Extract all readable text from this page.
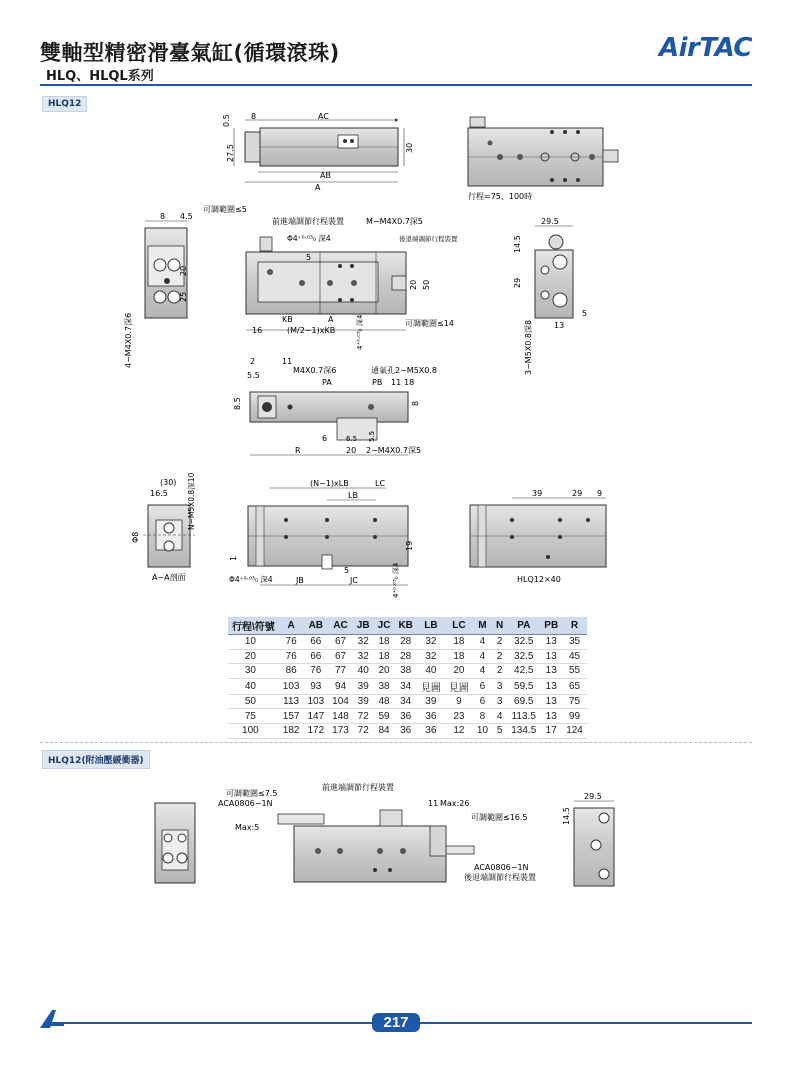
雙軸型精密滑臺氣缸(循環滾珠)
HLQ、HLQL系列
AirTAC
HLQ12
HLQ12(附油壓緩衝器)
0.5	8	AC
27.5	30
AB
A
行程=75、100時
8 4.5
20
25
4−M4X0.7深6
可調範圍≤5
前進端調節行程裝置	M−M4X0.7深5
後退端調節行程裝置
Φ4⁺⁰·⁰³₀ 深4
5
20 50
KB	A
16	(M/2−1)xKB	4⁺⁰·⁰³₀ 深4	可調範圍≤14
29.5
14.5
29
5
13
3−M5X0.8深8
2	11
5.5
M4X0.7深6	通氣孔2−M5X0.8
PA	PB 11 18
8.5	8
6	6.5 5.5
R	20 2−M4X0.7深5
(30)
16.5	N−M5X0.8深10
Φ8
A−A剖面
(N−1)xLB
LB
LC
1
Φ4⁺⁰·⁰³₀ 深4	JB
5
JC
19
4⁺⁰·⁰³₀ 深4
39	29 9
HLQ12×40
可調範圍≤7.5
前進端調節行程裝置
ACA0806−1N
Max:5
11 Max:26
可調範圍≤16.5
ACA0806−1N
後退端調節行程裝置
29.5
14.5
行程\符號	A	AB	AC	JB	JC	KB	LB	LC	M	N	PA	PB	R
10	76	66	67	32	18	28	32	18	4	2	32.5	13	35
20	76	66	67	32	18	28	32	18	4	2	32.5	13	45
30	86	76	77	40	20	38	40	20	4	2	42.5	13	55
40	103	93	94	39	38	34	見圖	見圖	6	3	59.5	13	65
50	113	103	104	39	48	34	39	9	6	3	69.5	13	75
75	157	147	148	72	59	36	36	23	8	4	113.5	13	99
100	182	172	173	72	84	36	36	12	10	5	134.5	17	124
217
